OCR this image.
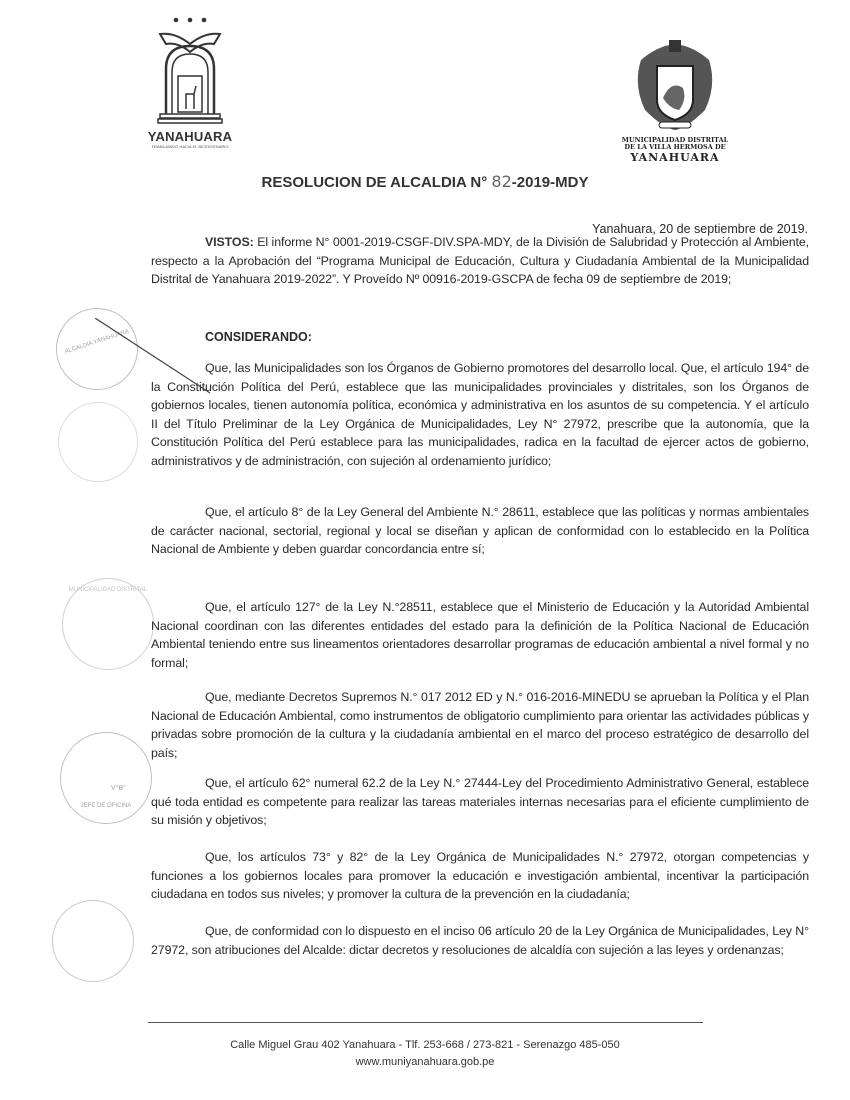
YANAHUARA
TRABAJANDO HACIA EL BICENTENARIO
MUNICIPALIDAD DISTRITAL
DE LA VILLA HERMOSA DE
YANAHUARA
RESOLUCION DE ALCALDIA N° 82-2019-MDY
Yanahuara, 20 de septiembre de 2019.

VISTOS: El informe N° 0001-2019-CSGF-DIV.SPA-MDY, de la División de Salubridad y Protección al Ambiente, respecto a la Aprobación del “Programa Municipal de Educación, Cultura y Ciudadanía Ambiental de la Municipalidad Distrital de Yanahuara 2019-2022”. Y Proveído Nº 00916-2019-GSCPA de fecha 09 de septiembre de 2019;

CONSIDERANDO:

Que, las Municipalidades son los Órganos de Gobierno promotores del desarrollo local. Que, el artículo 194° de la Constitución Política del Perú, establece que las municipalidades provinciales y distritales, son los Órganos de gobiernos locales, tienen autonomía política, económica y administrativa en los asuntos de su competencia. Y el artículo II del Título Preliminar de la Ley Orgánica de Municipalidades, Ley N° 27972, prescribe que la autonomía, que la Constitución Política del Perú establece para las municipalidades, radica en la facultad de ejercer actos de gobierno, administrativos y de administración, con sujeción al ordenamiento jurídico;

Que, el artículo 8° de la Ley General del Ambiente N.° 28611, establece que las políticas y normas ambientales de carácter nacional, sectorial, regional y local se diseñan y aplican de conformidad con lo establecido en la Política Nacional de Ambiente y deben guardar concordancia entre sí;

Que, el artículo 127° de la Ley N.°28511, establece que el Ministerio de Educación y la Autoridad Ambiental Nacional coordinan con las diferentes entidades del estado para la definición de la Política Nacional de Educación Ambiental teniendo entre sus lineamentos orientadores desarrollar programas de educación ambiental a nivel formal y no formal;

Que, mediante Decretos Supremos N.° 017 2012 ED y N.° 016-2016-MINEDU se aprueban la Política y el Plan Nacional de Educación Ambiental, como instrumentos de obligatorio cumplimiento para orientar las actividades públicas y privadas sobre promoción de la cultura y la ciudadanía ambiental en el marco del proceso estratégico de desarrollo del país;

Que, el artículo 62° numeral 62.2 de la Ley N.° 27444-Ley del Procedimiento Administrativo General, establece qué toda entidad es competente para realizar las tareas materiales internas necesarias para el eficiente cumplimiento de su misión y objetivos;

Que, los artículos 73° y 82° de la Ley Orgánica de Municipalidades N.° 27972, otorgan competencias y funciones a los gobiernos locales para promover la educación e investigación ambiental, incentivar la participación ciudadana en todos sus niveles; y promover la cultura de la prevención en la ciudadanía;

Que, de conformidad con lo dispuesto en el inciso 06 artículo 20 de la Ley Orgánica de Municipalidades, Ley N° 27972, son atribuciones del Alcalde: dictar decretos y resoluciones de alcaldía con sujeción a las leyes y ordenanzas;

ALCALDIA YANAHUARA
MUNICIPALIDAD DISTRITAL
V°B°
JEFE DE OFICINA
Calle Miguel Grau 402 Yanahuara - Tlf. 253-668 / 273-821 - Serenazgo 485-050
www.muniyanahuara.gob.pe
